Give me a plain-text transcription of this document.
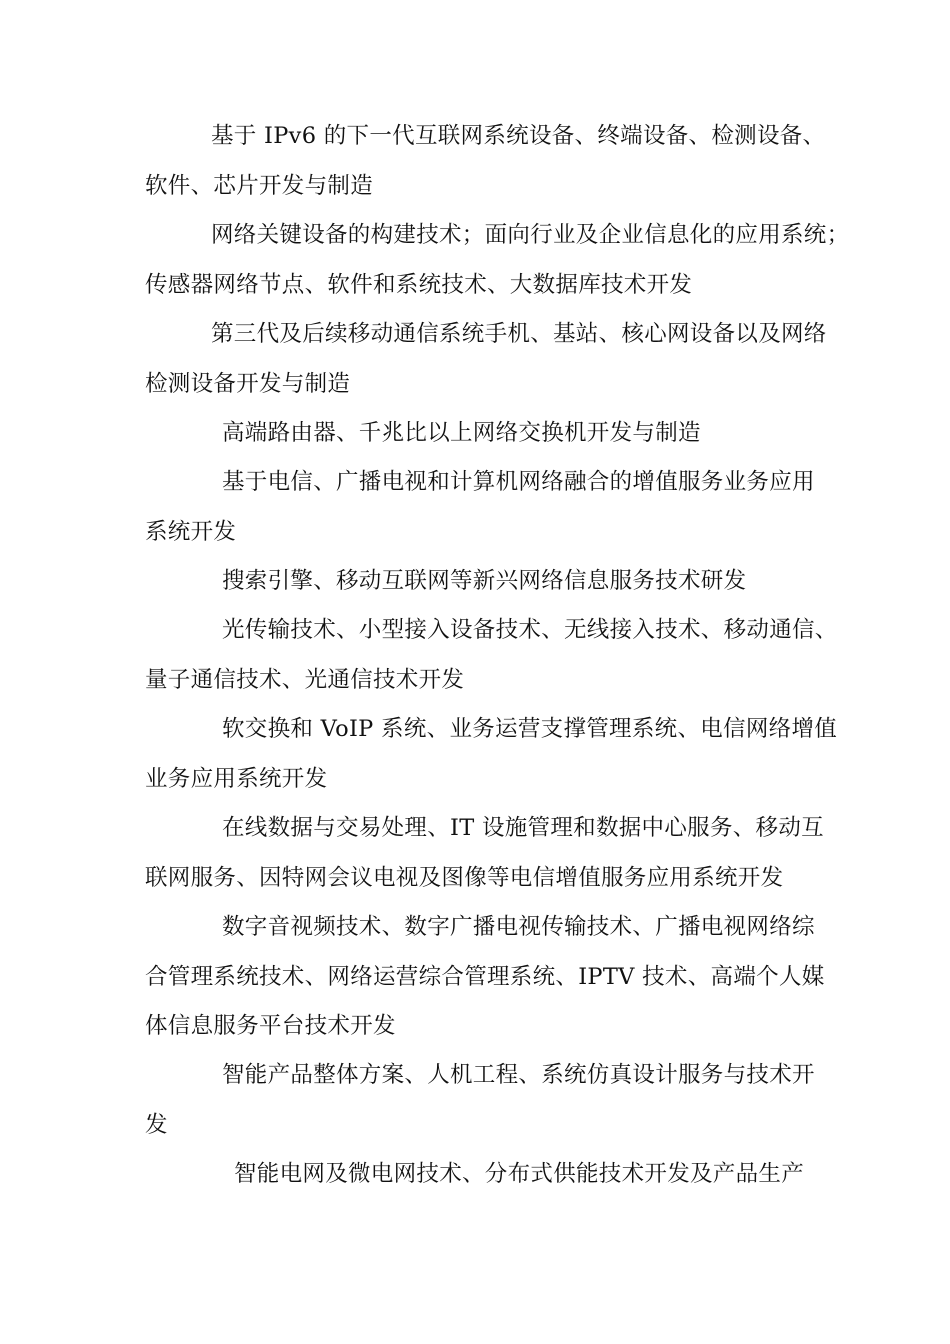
基于 IPv6 的下一代互联网系统设备、终端设备、检测设备、
软件、芯片开发与制造

网络关键设备的构建技术；面向行业及企业信息化的应用系统；
传感器网络节点、软件和系统技术、大数据库技术开发

第三代及后续移动通信系统手机、基站、核心网设备以及网络
检测设备开发与制造

高端路由器、千兆比以上网络交换机开发与制造

基于电信、广播电视和计算机网络融合的增值服务业务应用
系统开发

搜索引擎、移动互联网等新兴网络信息服务技术研发

光传输技术、小型接入设备技术、无线接入技术、移动通信、
量子通信技术、光通信技术开发

软交换和 VoIP 系统、业务运营支撑管理系统、电信网络增值
业务应用系统开发

在线数据与交易处理、IT 设施管理和数据中心服务、移动互
联网服务、因特网会议电视及图像等电信增值服务应用系统开发

数字音视频技术、数字广播电视传输技术、广播电视网络综
合管理系统技术、网络运营综合管理系统、IPTV 技术、高端个人媒
体信息服务平台技术开发

智能产品整体方案、人机工程、系统仿真设计服务与技术开
发

智能电网及微电网技术、分布式供能技术开发及产品生产
